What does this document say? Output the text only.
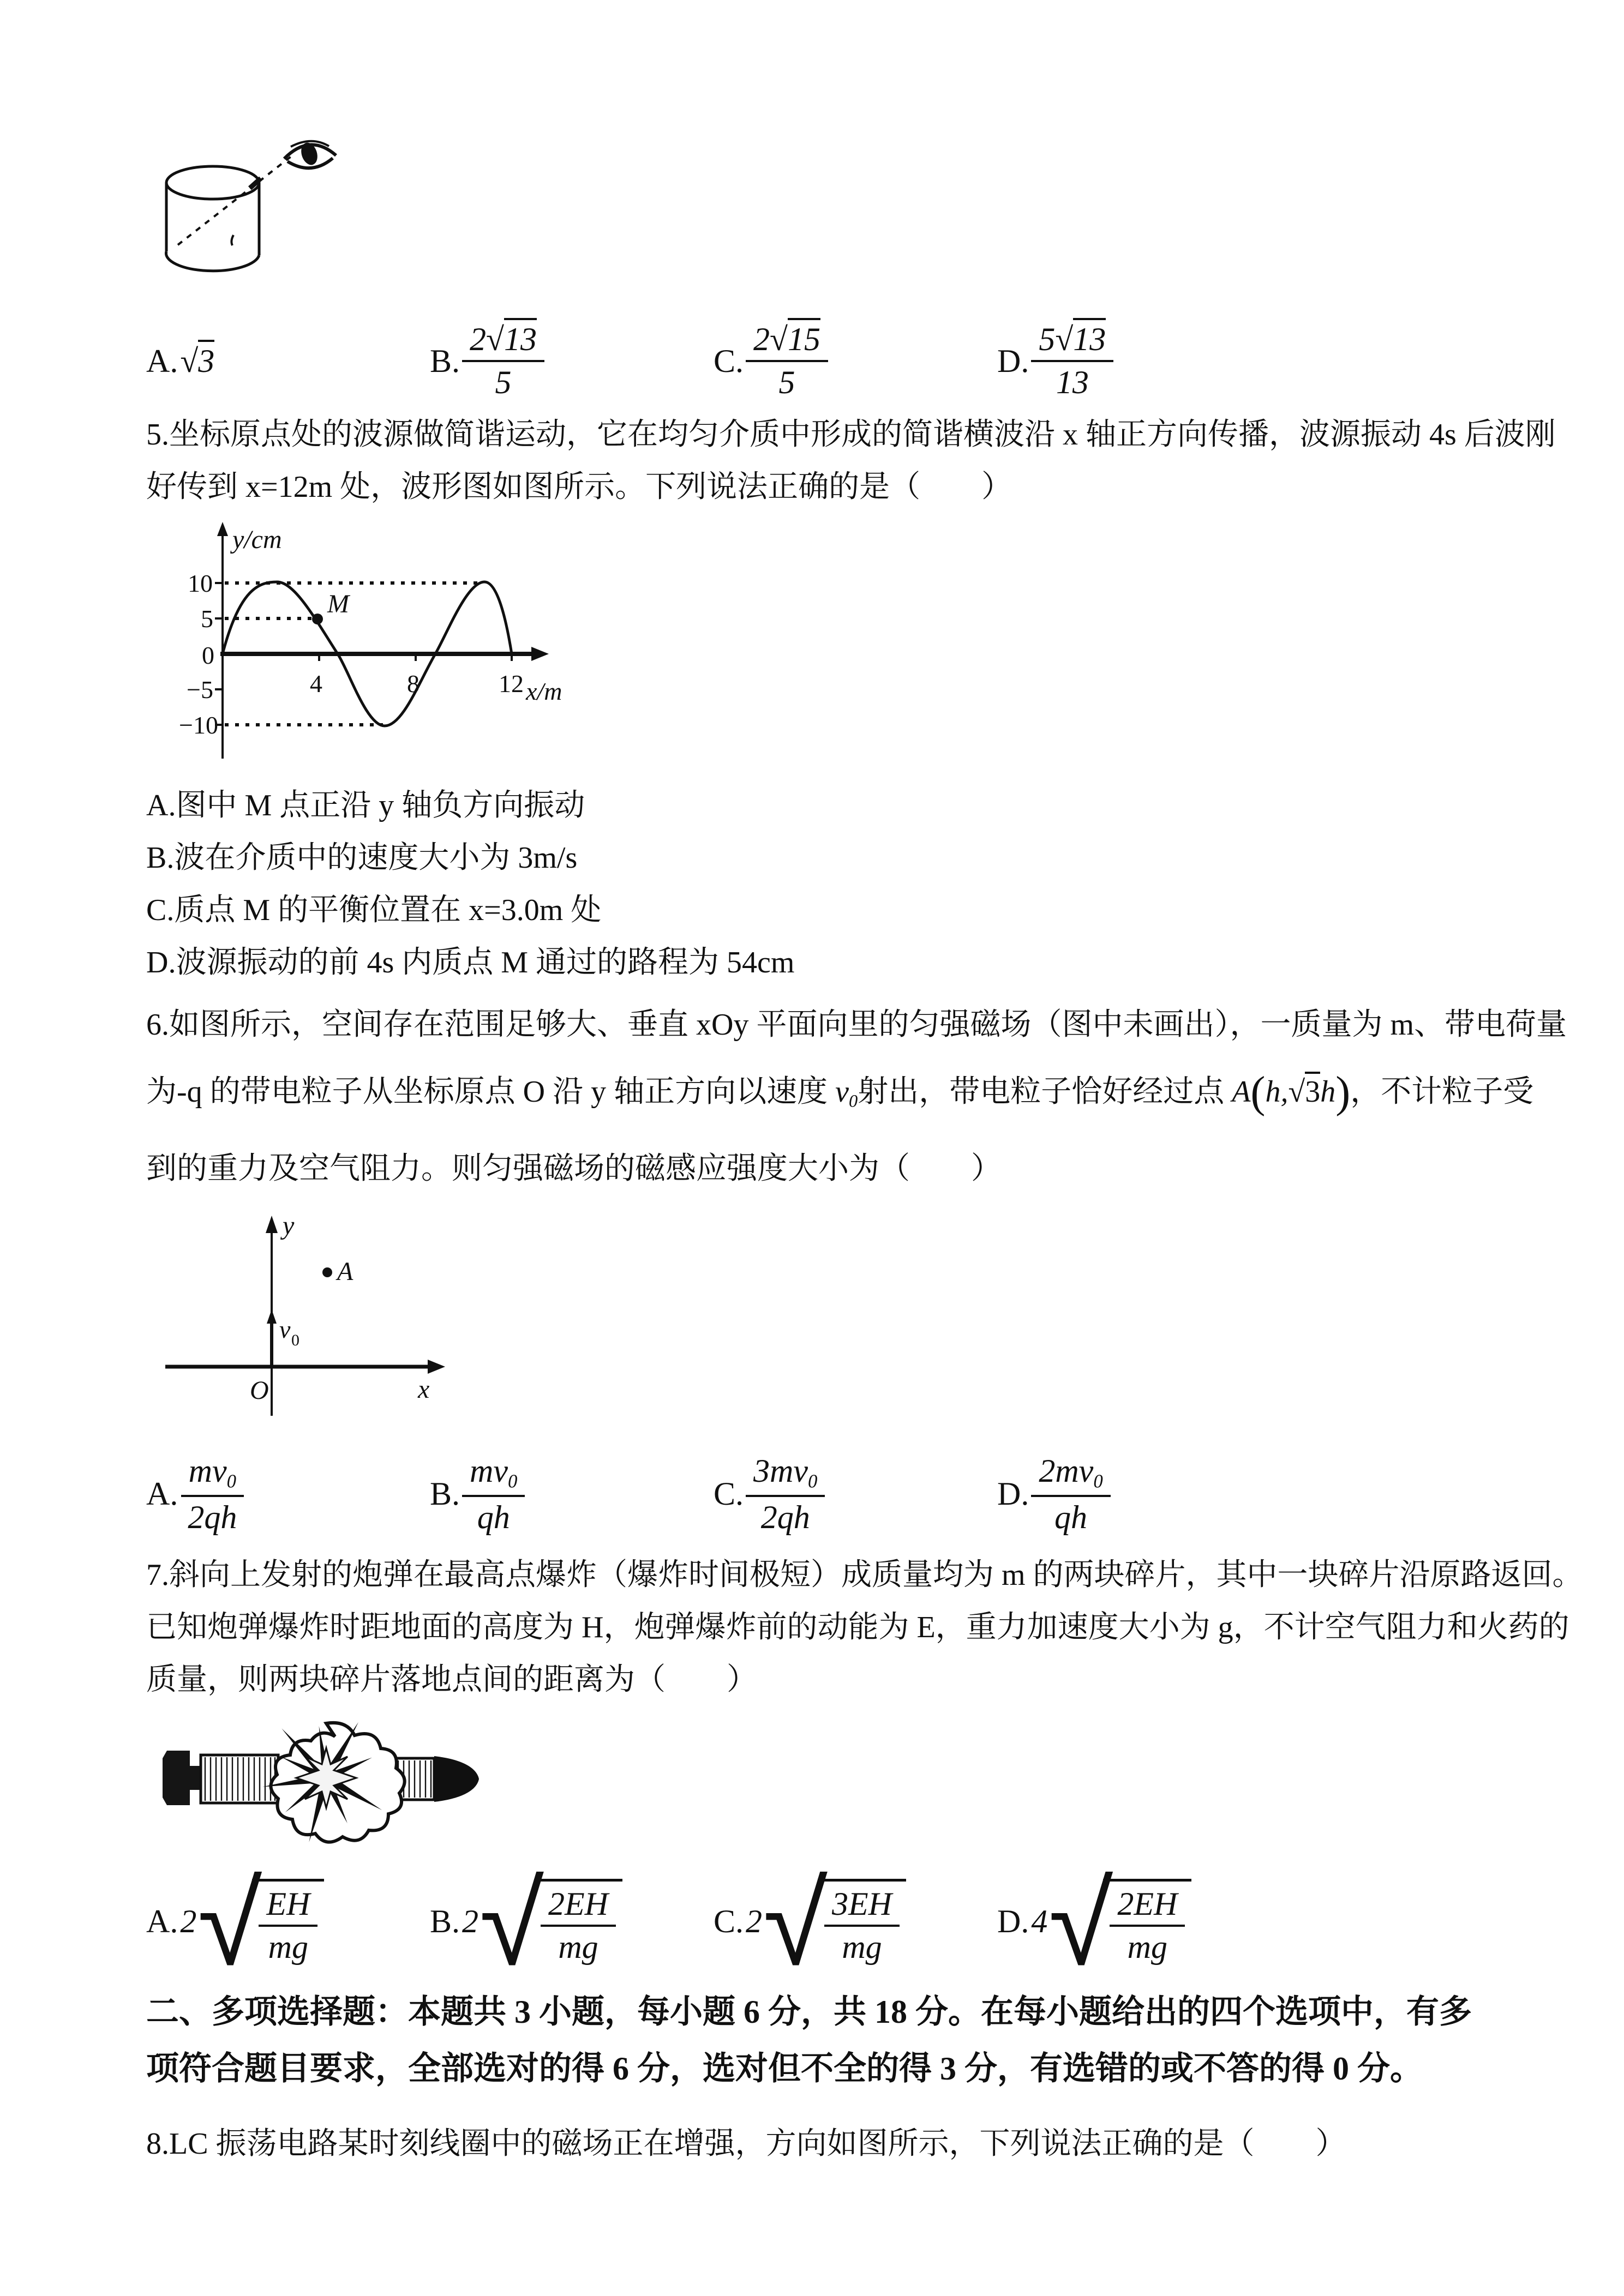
A. √3	B. $\frac{2√13}{5}$	C. $\frac{2√15}{5}$	D. $\frac{5√13}{13}$
5.坐标原点处的波源做简谐运动，它在均匀介质中形成的简谐横波沿 x 轴正方向传播，波源振动 4s 后波刚
好传到 x=12m 处，波形图如图所示。下列说法正确的是（　　）
y/cm
10
5
0
−5
−10
4	8	12 x/m
M
A.图中 M 点正沿 y 轴负方向振动
B.波在介质中的速度大小为 3m/s
C.质点 M 的平衡位置在 x=3.0m 处
D.波源振动的前 4s 内质点 M 通过的路程为 54cm
6.如图所示，空间存在范围足够大、垂直 xOy 平面向里的匀强磁场（图中未画出），一质量为 m、带电荷量
为-q 的带电粒子从坐标原点 O 沿 y 轴正方向以速度 v0射出，带电粒子恰好经过点 A(h,√3h)，不计粒子受
到的重力及空气阻力。则匀强磁场的磁感应强度大小为（　　）
y
x
O
A
v 0
A. $\frac{mv0}{2qh}$	B. $\frac{mv0}{qh}$	C. $\frac{3mv0}{2qh}$	D. $\frac{2mv0}{qh}$
7.斜向上发射的炮弹在最高点爆炸（爆炸时间极短）成质量均为 m 的两块碎片，其中一块碎片沿原路返回。
已知炮弹爆炸时距地面的高度为 H，炮弹爆炸前的动能为 E，重力加速度大小为 g，不计空气阻力和火药的
质量，则两块碎片落地点间的距离为（　　）
A. 2 √
$\frac{EH}{mg}$	B. 2 √
$\frac{2EH}{mg}$	C. 2 √
$\frac{3EH}{mg}$	D. 4 √
$\frac{2EH}{mg}$
二、多项选择题：本题共 3 小题，每小题 6 分，共 18 分。在每小题给出的四个选项中，有多
项符合题目要求，全部选对的得 6 分，选对但不全的得 3 分，有选错的或不答的得 0 分。
8.LC 振荡电路某时刻线圈中的磁场正在增强，方向如图所示，下列说法正确的是（　　）
